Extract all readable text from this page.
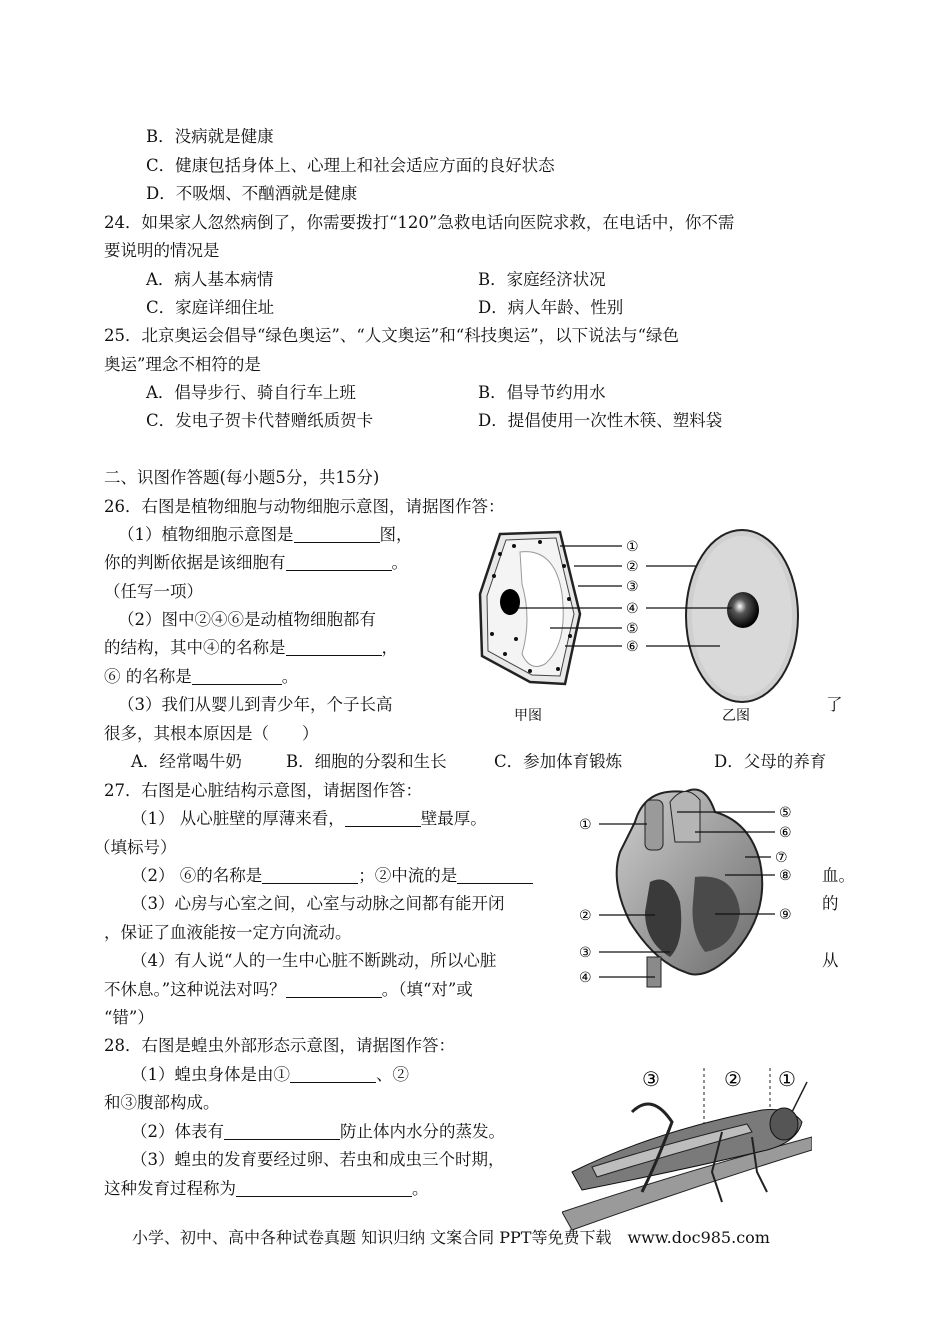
B．没病就是健康
C．健康包括身体上、心理上和社会适应方面的良好状态
D．不吸烟、不酗酒就是健康
24．如果家人忽然病倒了，你需要拨打“120”急救电话向医院求救，在电话中，你不需
要说明的情况是
A．病人基本病情	B．家庭经济状况
C．家庭详细住址	D．病人年龄、性别
25．北京奥运会倡导“绿色奥运”、“人文奥运”和“科技奥运”，以下说法与“绿色
奥运”理念不相符的是
A．倡导步行、骑自行车上班	B．倡导节约用水
C．发电子贺卡代替赠纸质贺卡	D．提倡使用一次性木筷、塑料袋
二、识图作答题(每小题5分，共15分)
26．右图是植物细胞与动物细胞示意图，请据图作答：
（1）植物细胞示意图是	图，
你的判断依据是该细胞有	。
（任写一项）
（2）图中②④⑥是动植物细胞都有
的结构，其中④的名称是	，
⑥ 的名称是	。
（3）我们从婴儿到青少年，个子长高	了
很多，其根本原因是（　　）
A．经常喝牛奶	B．细胞的分裂和生长	C．参加体育锻炼	D．父母的养育
①
②
③
④
⑤
⑥
甲图	乙图
27．右图是心脏结构示意图，请据图作答：
（1） 从心脏壁的厚薄来看，	壁最厚。
（填标号）
（2） ⑥的名称是	；②中流的是	血。
（3）心房与心室之间，心室与动脉之间都有能开闭	的
，保证了血液能按一定方向流动。
（4）有人说“人的一生中心脏不断跳动，所以心脏	从
不休息。”这种说法对吗？	。（填“对”或
“错”）
①
②
③
④
⑤
⑥
⑦
⑧
⑨
28．右图是蝗虫外部形态示意图，请据图作答：
（1）蝗虫身体是由①	、②
和③腹部构成。
（2）体表有	防止体内水分的蒸发。
（3）蝗虫的发育要经过卵、若虫和成虫三个时期，
这种发育过程称为	。
③	② ①
小学、初中、高中各种试卷真题 知识归纳 文案合同 PPT等免费下载　www.doc985.com
